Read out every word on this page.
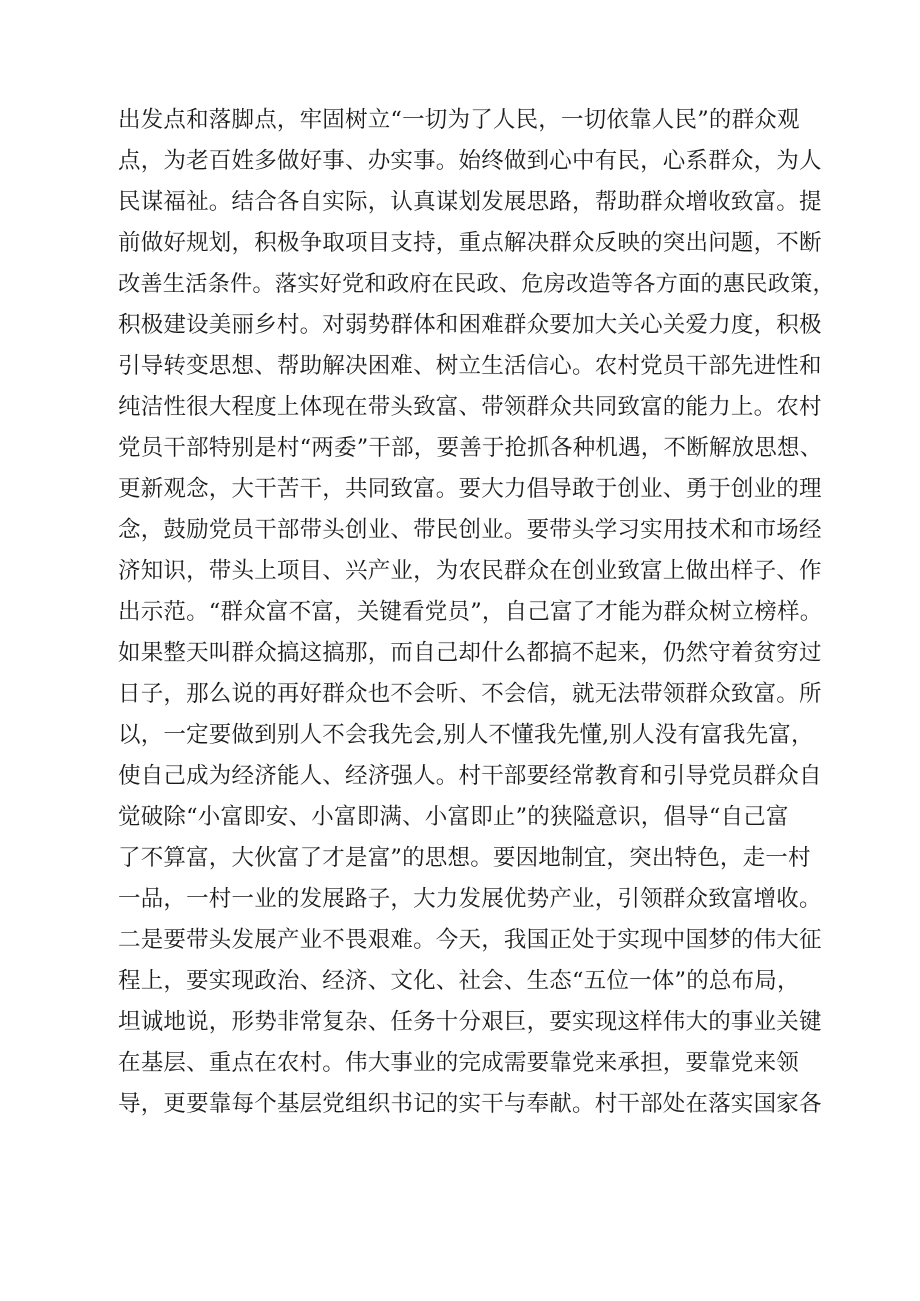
出发点和落脚点，牢固树立“一切为了人民，一切依靠人民”的群众观
点，为老百姓多做好事、办实事。始终做到心中有民，心系群众，为人
民谋福祉。结合各自实际，认真谋划发展思路，帮助群众增收致富。提
前做好规划，积极争取项目支持，重点解决群众反映的突出问题，不断
改善生活条件。落实好党和政府在民政、危房改造等各方面的惠民政策，
积极建设美丽乡村。对弱势群体和困难群众要加大关心关爱力度，积极
引导转变思想、帮助解决困难、树立生活信心。农村党员干部先进性和
纯洁性很大程度上体现在带头致富、带领群众共同致富的能力上。农村
党员干部特别是村“两委”干部，要善于抢抓各种机遇，不断解放思想、
更新观念，大干苦干，共同致富。要大力倡导敢于创业、勇于创业的理
念，鼓励党员干部带头创业、带民创业。要带头学习实用技术和市场经
济知识，带头上项目、兴产业，为农民群众在创业致富上做出样子、作
出示范。“群众富不富，关键看党员”，自己富了才能为群众树立榜样。
如果整天叫群众搞这搞那，而自己却什么都搞不起来，仍然守着贫穷过
日子，那么说的再好群众也不会听、不会信，就无法带领群众致富。所
以，一定要做到别人不会我先会,别人不懂我先懂,别人没有富我先富，
使自己成为经济能人、经济强人。村干部要经常教育和引导党员群众自
觉破除“小富即安、小富即满、小富即止”的狭隘意识，倡导“自己富
了不算富，大伙富了才是富”的思想。要因地制宜，突出特色，走一村
一品，一村一业的发展路子，大力发展优势产业，引领群众致富增收。
二是要带头发展产业不畏艰难。今天，我国正处于实现中国梦的伟大征
程上，要实现政治、经济、文化、社会、生态“五位一体”的总布局，
坦诚地说，形势非常复杂、任务十分艰巨，要实现这样伟大的事业关键
在基层、重点在农村。伟大事业的完成需要靠党来承担，要靠党来领
导，更要靠每个基层党组织书记的实干与奉献。村干部处在落实国家各
